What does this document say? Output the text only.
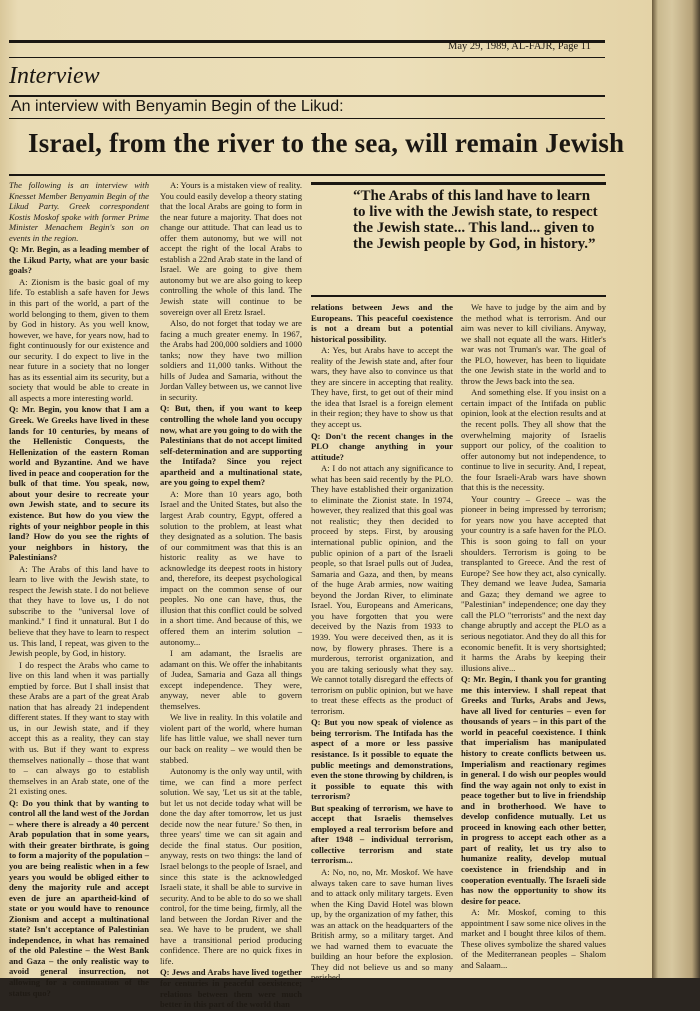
May 29, 1989, AL-FAJR, Page 11
Interview
An interview with Benyamin Begin of the Likud:
Israel, from the river to the sea, will remain Jewish

The following is an interview with Knesset Member Benyamin Begin of the Likud Party. Greek correspondent Kostis Moskof spoke with former Prime Minister Menachem Begin's son on events in the region.

Q: Mr. Begin, as a leading member of the Likud Party, what are your basic goals?

A: Zionism is the basic goal of my life. To establish a safe haven for Jews in this part of the world, a part of the world belonging to them, given to them by God in history. As you well know, however, we have, for years now, had to fight continuously for our existence and our security. I do expect to live in the near future in a society that no longer has as its essential aim its security, but a society that would be able to create in all aspects a more interesting world.

Q: Mr. Begin, you know that I am a Greek. We Greeks have lived in these lands for 10 centuries, by means of the Hellenistic Conquests, the Hellenization of the eastern Roman world and Byzantine. And we have lived in peace and cooperation for the bulk of that time. You speak, now, about your desire to recreate your own Jewish state, and to secure its existence. But how do you view the rights of your neighbor people in this land? How do you see the rights of your neighbors in history, the Palestinians?

A: The Arabs of this land have to learn to live with the Jewish state, to respect the Jewish state. I do not believe that they have to love us, I do not subscribe to the "universal love of mankind." I find it unnatural. But I do believe that they have to learn to respect us. This land, I repeat, was given to the Jewish people, by God, in history.

I do respect the Arabs who came to live on this land when it was partially emptied by force. But I shall insist that these Arabs are a part of the great Arab nation that has already 21 independent different states. If they want to stay with us, in our Jewish state, and if they accept this as a reality, they can stay with us. But if they want to express themselves nationally – those that want to – can always go to establish themselves in an Arab state, one of the 21 existing ones.

Q: Do you think that by wanting to control all the land west of the Jordan – where there is already a 40 percent Arab population that in some years, with their greater birthrate, is going to form a majority of the population – you are being realistic when in a few years you would be obliged either to deny the majority rule and accept even de jure an apartheid-kind of state or you would have to renounce Zionism and accept a multinational state? Isn't acceptance of Palestinian independence, in what has remained of the old Palestine – the West Bank and Gaza – the only realistic way to avoid general insurrection, not allowing for a continuation of the status quo?

A: Yours is a mistaken view of reality. You could easily develop a theory stating that the local Arabs are going to form in the near future a majority. That does not change our attitude. That can lead us to offer them autonomy, but we will not accept the right of the local Arabs to establish a 22nd Arab state in the land of Israel. We are going to give them autonomy but we are also going to keep controlling the whole of this land. The Jewish state will continue to be sovereign over all Eretz Israel.

Also, do not forget that today we are facing a much greater enemy. In 1967, the Arabs had 200,000 soldiers and 1000 tanks; now they have two million soldiers and 11,000 tanks. Without the hills of Judea and Samaria, without the Jordan Valley between us, we cannot live in security.

Q: But, then, if you want to keep controlling the whole land you occupy now, what are you going to do with the Palestinians that do not accept limited self-determination and are supporting the Intifada? Since you reject apartheid and a multinational state, are you going to expel them?

A: More than 10 years ago, both Israel and the United States, but also the largest Arab country, Egypt, offered a solution to the problem, at least what they designated as a solution. The basis of our commitment was that this is an historic reality as we have to acknowledge its deepest roots in history and, therefore, its deepest psychological impact on the common sense of our peoples. No one can have, thus, the illusion that this conflict could be solved in a short time. And because of this, we offered them an interim solution – autonomy...

I am adamant, the Israelis are adamant on this. We offer the inhabitants of Judea, Samaria and Gaza all things except independence. They were, anyway, never able to govern themselves.

We live in reality. In this volatile and violent part of the world, where human life has little value, we shall never turn our back on reality – we would then be stabbed.

Autonomy is the only way until, with time, we can find a more perfect solution. We say, 'Let us sit at the table, but let us not decide today what will be done the day after tomorrow, let us just decide now the near future.' So then, in three years' time we can sit again and decide the final status. Our position, anyway, rests on two things: the land of Israel belongs to the people of Israel, and since this state is the acknowledged Israeli state, it shall be able to survive in security. And to be able to do so we shall control, for the time being, firmly, all the land between the Jordan River and the sea. We have to be prudent, we shall have a transitional period producing confidence. There are no quick fixes in life.

Q: Jews and Arabs have lived together for centuries in peaceful coexistence; relations between them were much better in this part of the world than

“The Arabs of this land have to learn to live with the Jewish state, to respect the Jewish state... This land... given to the Jewish people by God, in history.”

relations between Jews and the Europeans. This peaceful coexistence is not a dream but a potential historical possibility.

A: Yes, but Arabs have to accept the reality of the Jewish state and, after four wars, they have also to convince us that they are sincere in accepting that reality. They have, first, to get out of their mind the idea that Israel is a foreign element in their region; they have to show us that they accept us.

Q: Don't the recent changes in the PLO change anything in your attitude?

A: I do not attach any significance to what has been said recently by the PLO. They have established their organization to eliminate the Zionist state. In 1974, however, they realized that this goal was not realistic; they then decided to proceed by steps. First, by arousing international public opinion, and the public opinion of a part of the Israeli people, so that Israel pulls out of Judea, Samaria and Gaza, and then, by means of the huge Arab armies, now waiting beyond the Jordan River, to eliminate Israel. You, Europeans and Americans, you have forgotten that you were deceived by the Nazis from 1933 to 1939. You were deceived then, as it is now, by flowery phrases. There is a murderous, terrorist organization, and you are taking seriously what they say. We cannot totally disregard the effects of terrorism on public opinion, but we have to treat these effects as the product of terrorism.

Q: But you now speak of violence as being terrorism. The Intifada has the aspect of a more or less passive resistance. Is it possible to equate the public meetings and demonstrations, even the stone throwing by children, is it possible to equate this with terrorism?

But speaking of terrorism, we have to accept that Israelis themselves employed a real terrorism before and after 1948 – individual terrorism, collective terrorism and state terrorism...

A: No, no, no, Mr. Moskof. We have always taken care to save human lives and to attack only military targets. Even when the King David Hotel was blown up, by the organization of my father, this was an attack on the headquarters of the British army, so a military target. And we had warned them to evacuate the building an hour before the explosion. They did not believe us and so many perished.

We have to judge by the aim and by the method what is terrorism. And our aim was never to kill civilians. Anyway, we shall not equate all the wars. Hitler's war was not Truman's war. The goal of the PLO, however, has been to liquidate the one Jewish state in the world and to throw the Jews back into the sea.

And something else. If you insist on a certain impact of the Intifada on public opinion, look at the election results and at the recent polls. They all show that the overwhelming majority of Israelis support our policy, of the coalition to offer autonomy but not independence, to continue to live in security. And, I repeat, the four Israeli-Arab wars have shown that this is the necessity.

Your country – Greece – was the pioneer in being impressed by terrorism; for years now you have accepted that your country is a safe haven for the PLO. This is soon going to fall on your shoulders. Terrorism is going to be transplanted to Greece. And the rest of Europe? See how they act, also cynically. They demand we leave Judea, Samaria and Gaza; they demand we agree to "Palestinian" independence; one day they call the PLO "terrorists" and the next day change abruptly and accept the PLO as a serious negotiator. And they do all this for economic benefit. It is very shortsighted; it harms the Arabs by keeping their illusions alive...

Q: Mr. Begin, I thank you for granting me this interview. I shall repeat that Greeks and Turks, Arabs and Jews, have all lived for centuries – even for thousands of years – in this part of the world in peaceful coexistence. I think that imperialism has manipulated history to create conflicts between us. Imperialism and reactionary regimes in general. I do wish our peoples would find the way again not only to exist in peace together but to live in friendship and in brotherhood. We have to develop confidence mutually. Let us proceed in knowing each other better, in progress to accept each other as a part of reality, let us try also to humanize reality, develop mutual coexistence in friendship and in cooperation eventually. The Israeli side has now the opportunity to show its desire for peace.

A: Mr. Moskof, coming to this appointment I saw some nice olives in the market and I bought three kilos of them. These olives symbolize the shared values of the Mediterranean peoples – Shalom and Salaam...
